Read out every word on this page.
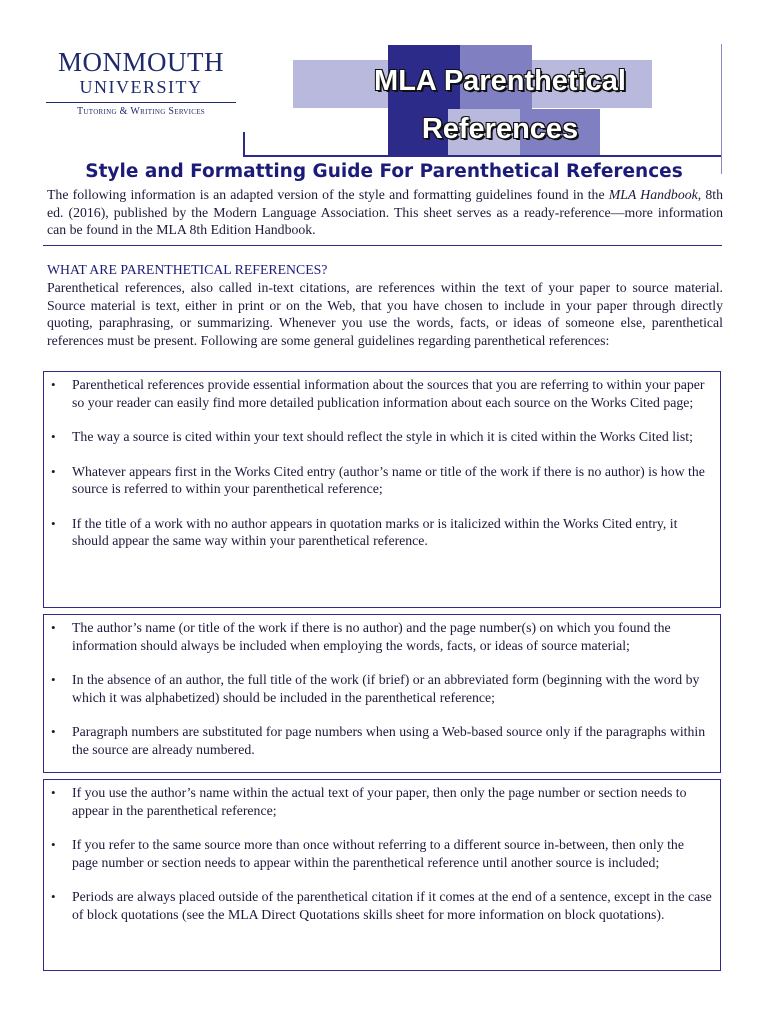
MONMOUTH
UNIVERSITY
Tutoring & Writing Services
MLA Parenthetical
References
Style and Formatting Guide For Parenthetical References
The following information is an adapted version of the style and formatting guidelines found in the MLA Handbook, 8th ed. (2016), published by the Modern Language Association. This sheet serves as a ready-reference—more information can be found in the MLA 8th Edition Handbook.
WHAT ARE PARENTHETICAL REFERENCES?
Parenthetical references, also called in-text citations, are references within the text of your paper to source material. Source material is text, either in print or on the Web, that you have chosen to include in your paper through directly quoting, paraphrasing, or summarizing. Whenever you use the words, facts, or ideas of someone else, parenthetical references must be present. Following are some general guidelines regarding parenthetical references:
• Parenthetical references provide essential information about the sources that you are referring to within your paper so your reader can easily find more detailed publication information about each source on the Works Cited page;
• The way a source is cited within your text should reflect the style in which it is cited within the Works Cited list;
• Whatever appears first in the Works Cited entry (author’s name or title of the work if there is no author) is how the source is referred to within your parenthetical reference;
• If the title of a work with no author appears in quotation marks or is italicized within the Works Cited entry, it should appear the same way within your parenthetical reference.
• The author’s name (or title of the work if there is no author) and the page number(s) on which you found the information should always be included when employing the words, facts, or ideas of source material;
• In the absence of an author, the full title of the work (if brief) or an abbreviated form (beginning with the word by which it was alphabetized) should be included in the parenthetical reference;
• Paragraph numbers are substituted for page numbers when using a Web-based source only if the paragraphs within the source are already numbered.
• If you use the author’s name within the actual text of your paper, then only the page number or section needs to appear in the parenthetical reference;
• If you refer to the same source more than once without referring to a different source in-between, then only the page number or section needs to appear within the parenthetical reference until another source is included;
• Periods are always placed outside of the parenthetical citation if it comes at the end of a sentence, except in the case of block quotations (see the MLA Direct Quotations skills sheet for more information on block quotations).
